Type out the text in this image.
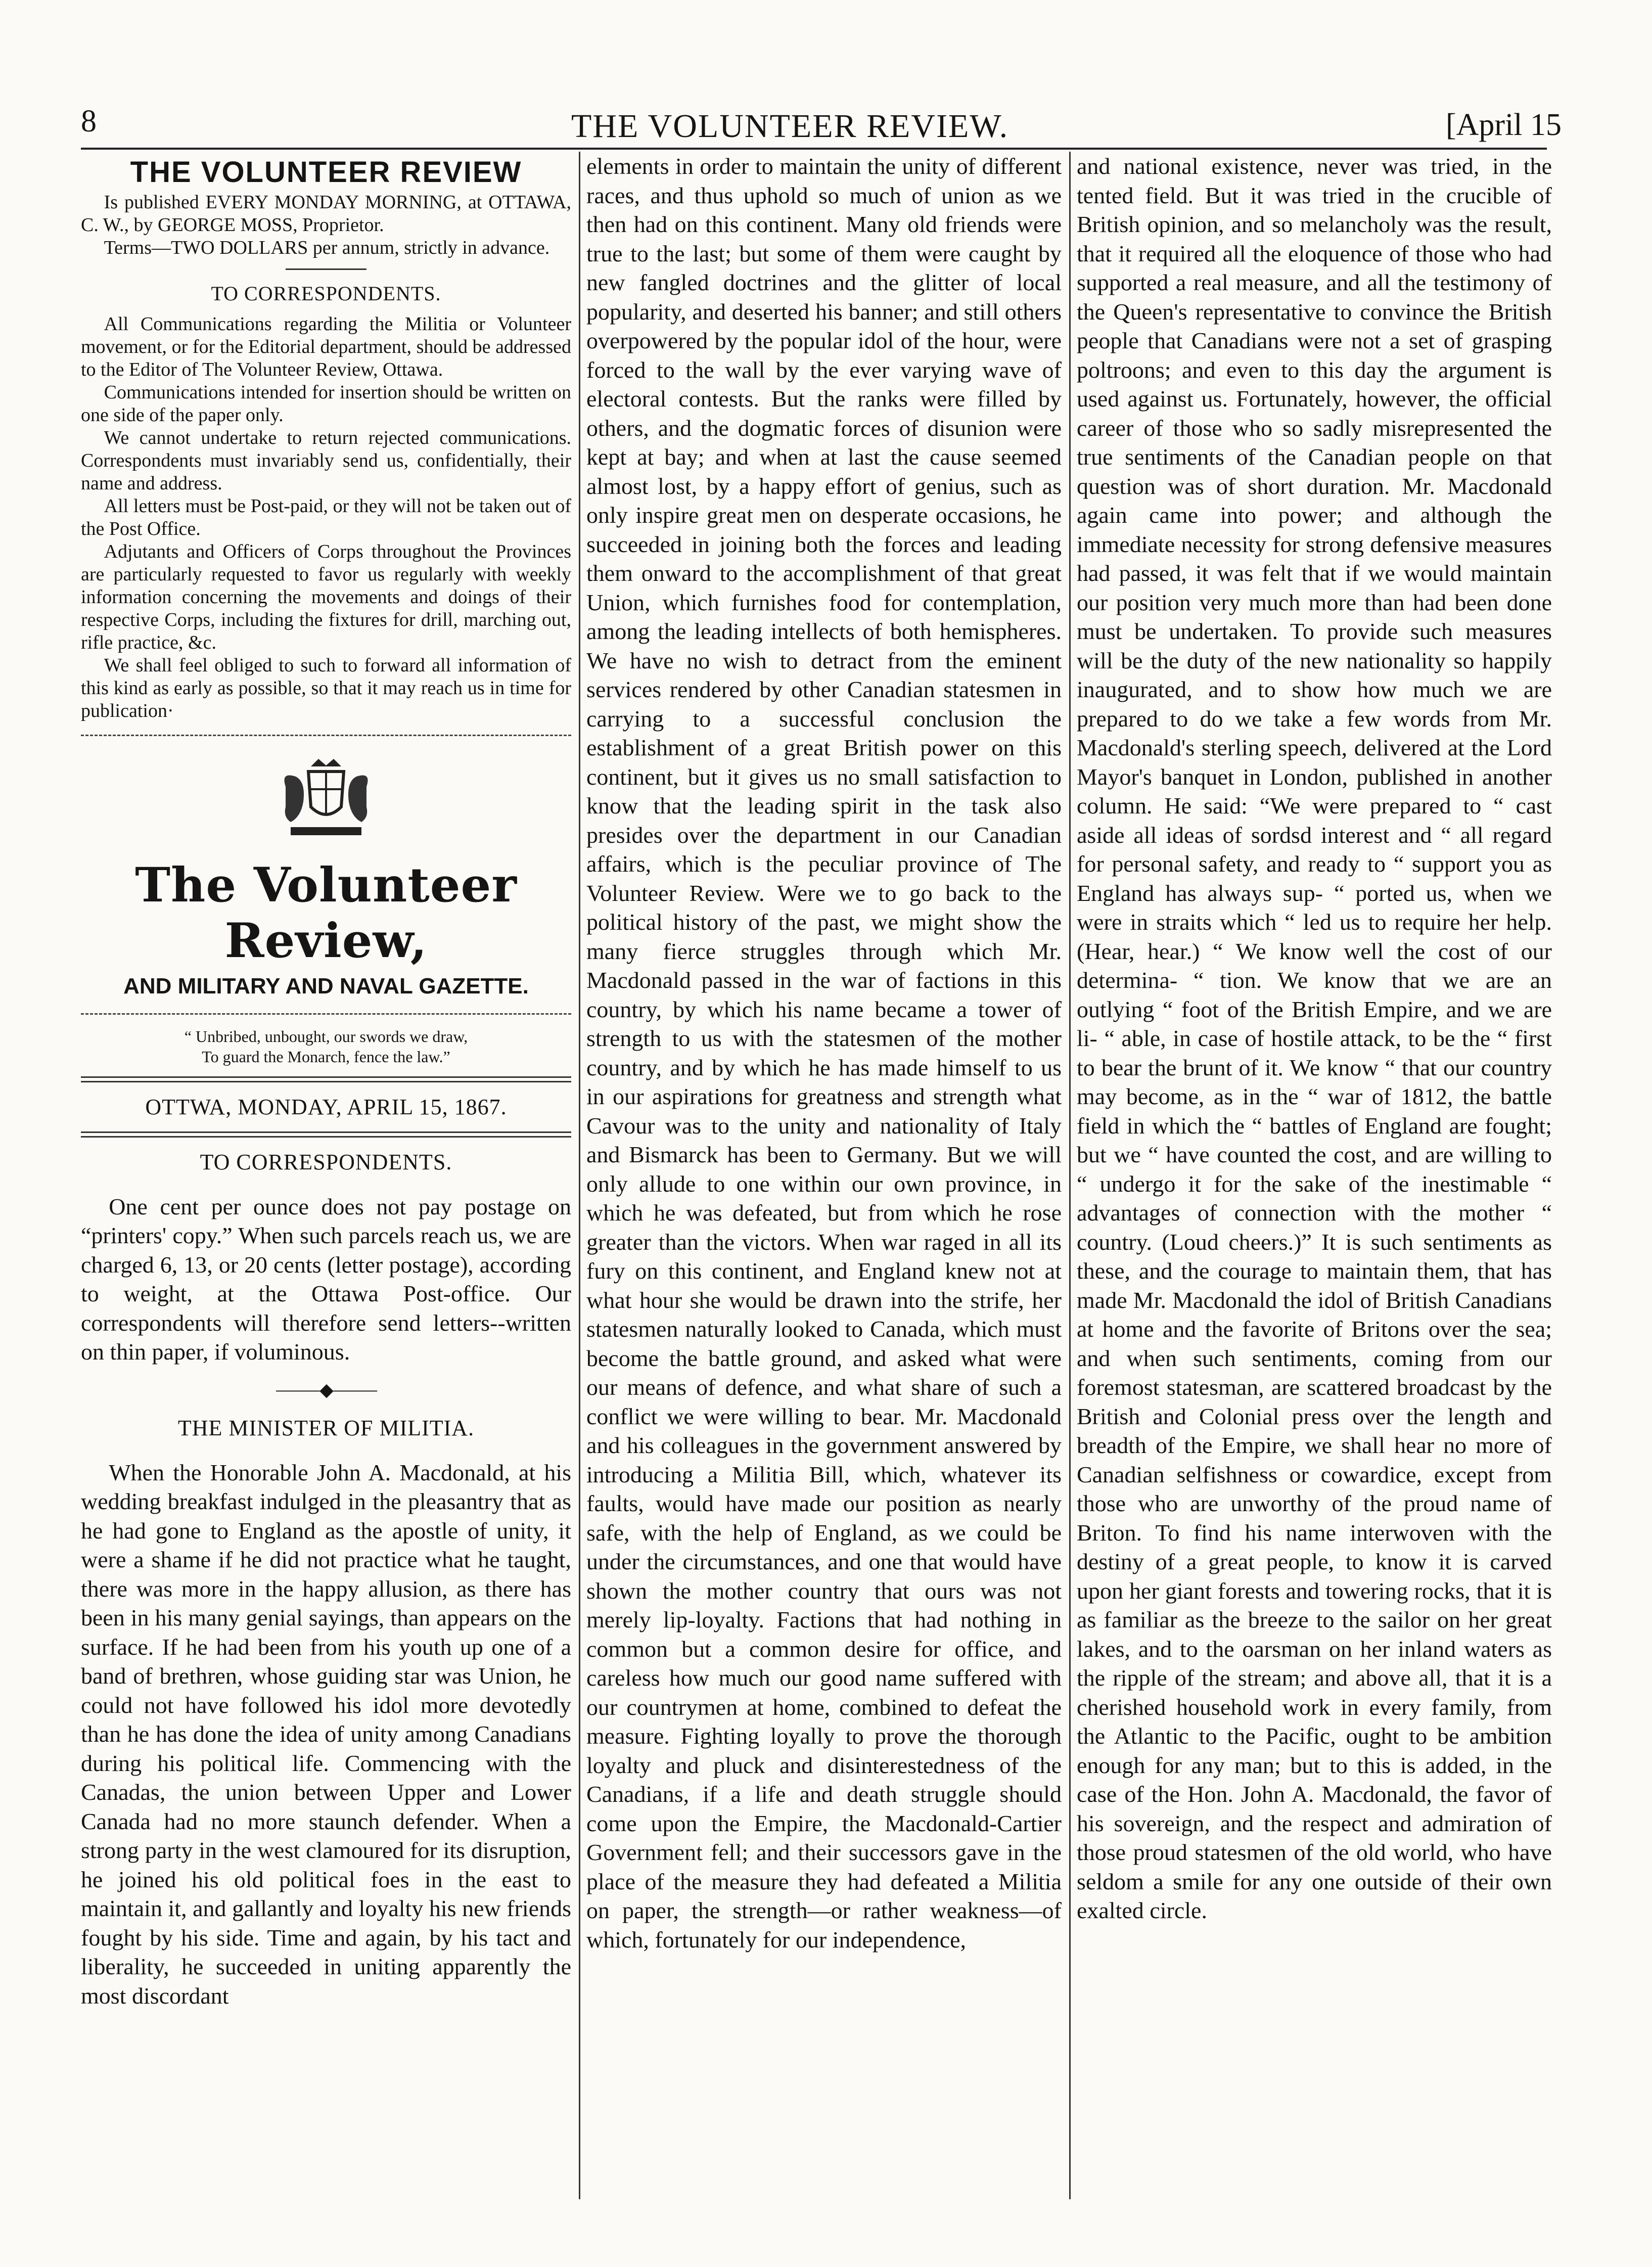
8	THE VOLUNTEER REVIEW.	[April 15
THE VOLUNTEER REVIEW

Is published EVERY MONDAY MORNING, at OTTAWA, C. W., by GEORGE MOSS, Proprietor.

Terms—TWO DOLLARS per annum, strictly in advance.

TO CORRESPONDENTS.

All Communications regarding the Militia or Volunteer movement, or for the Editorial department, should be addressed to the Editor of The Volunteer Review, Ottawa.

Communications intended for insertion should be written on one side of the paper only.

We cannot undertake to return rejected communications. Correspondents must invariably send us, confidentially, their name and address.

All letters must be Post-paid, or they will not be taken out of the Post Office.

Adjutants and Officers of Corps throughout the Provinces are particularly requested to favor us regularly with weekly information concerning the movements and doings of their respective Corps, including the fixtures for drill, marching out, rifle practice, &c.

We shall feel obliged to such to forward all information of this kind as early as possible, so that it may reach us in time for publication·

The Volunteer Review,
AND MILITARY AND NAVAL GAZETTE.
“ Unbribed, unbought, our swords we draw,
To guard the Monarch, fence the law.”
OTTWA, MONDAY, APRIL 15, 1867.
TO CORRESPONDENTS.

One cent per ounce does not pay postage on “printers' copy.” When such parcels reach us, we are charged 6, 13, or 20 cents (letter postage), according to weight, at the Ottawa Post-office. Our correspondents will therefore send letters--written on thin paper, if voluminous.

⸻◆⸻
THE MINISTER OF MILITIA.

When the Honorable John A. Macdonald, at his wedding breakfast indulged in the pleasantry that as he had gone to England as the apostle of unity, it were a shame if he did not practice what he taught, there was more in the happy allusion, as there has been in his many genial sayings, than appears on the surface. If he had been from his youth up one of a band of brethren, whose guiding star was Union, he could not have followed his idol more devotedly than he has done the idea of unity among Canadians during his political life. Commencing with the Canadas, the union between Upper and Lower Canada had no more staunch defender. When a strong party in the west clamoured for its disruption, he joined his old political foes in the east to maintain it, and gallantly and loyalty his new friends fought by his side. Time and again, by his tact and liberality, he succeeded in uniting apparently the most discordant

elements in order to maintain the unity of different races, and thus uphold so much of union as we then had on this continent. Many old friends were true to the last; but some of them were caught by new fangled doctrines and the glitter of local popularity, and deserted his banner; and still others overpowered by the popular idol of the hour, were forced to the wall by the ever varying wave of electoral contests. But the ranks were filled by others, and the dogmatic forces of disunion were kept at bay; and when at last the cause seemed almost lost, by a happy effort of genius, such as only inspire great men on desperate occasions, he succeeded in joining both the forces and leading them onward to the accomplishment of that great Union, which furnishes food for contemplation, among the leading intellects of both hemispheres. We have no wish to detract from the eminent services rendered by other Canadian statesmen in carrying to a successful conclusion the establishment of a great British power on this continent, but it gives us no small satisfaction to know that the leading spirit in the task also presides over the department in our Canadian affairs, which is the peculiar province of The Volunteer Review. Were we to go back to the political history of the past, we might show the many fierce struggles through which Mr. Macdonald passed in the war of factions in this country, by which his name became a tower of strength to us with the statesmen of the mother country, and by which he has made himself to us in our aspirations for greatness and strength what Cavour was to the unity and nationality of Italy and Bismarck has been to Germany. But we will only allude to one within our own province, in which he was defeated, but from which he rose greater than the victors. When war raged in all its fury on this continent, and England knew not at what hour she would be drawn into the strife, her statesmen naturally looked to Canada, which must become the battle ground, and asked what were our means of defence, and what share of such a conflict we were willing to bear. Mr. Macdonald and his colleagues in the government answered by introducing a Militia Bill, which, whatever its faults, would have made our position as nearly safe, with the help of England, as we could be under the circumstances, and one that would have shown the mother country that ours was not merely lip-loyalty. Factions that had nothing in common but a common desire for office, and careless how much our good name suffered with our countrymen at home, combined to defeat the measure. Fighting loyally to prove the thorough loyalty and pluck and disinterestedness of the Canadians, if a life and death struggle should come upon the Empire, the Macdonald-Cartier Government fell; and their successors gave in the place of the measure they had defeated a Militia on paper, the strength—or rather weakness—of which, fortunately for our independence,

and national existence, never was tried, in the tented field. But it was tried in the crucible of British opinion, and so melancholy was the result, that it required all the eloquence of those who had supported a real measure, and all the testimony of the Queen's representative to convince the British people that Canadians were not a set of grasping poltroons; and even to this day the argument is used against us. Fortunately, however, the official career of those who so sadly misrepresented the true sentiments of the Canadian people on that question was of short duration. Mr. Macdonald again came into power; and although the immediate necessity for strong defensive measures had passed, it was felt that if we would maintain our position very much more than had been done must be undertaken. To provide such measures will be the duty of the new nationality so happily inaugurated, and to show how much we are prepared to do we take a few words from Mr. Macdonald's sterling speech, delivered at the Lord Mayor's banquet in London, published in another column. He said: “We were prepared to “ cast aside all ideas of sordsd interest and “ all regard for personal safety, and ready to “ support you as England has always sup- “ ported us, when we were in straits which “ led us to require her help. (Hear, hear.) “ We know well the cost of our determina- “ tion. We know that we are an outlying “ foot of the British Empire, and we are li- “ able, in case of hostile attack, to be the “ first to bear the brunt of it. We know “ that our country may become, as in the “ war of 1812, the battle field in which the “ battles of England are fought; but we “ have counted the cost, and are willing to “ undergo it for the sake of the inestimable “ advantages of connection with the mother “ country. (Loud cheers.)” It is such sentiments as these, and the courage to maintain them, that has made Mr. Macdonald the idol of British Canadians at home and the favorite of Britons over the sea; and when such sentiments, coming from our foremost statesman, are scattered broadcast by the British and Colonial press over the length and breadth of the Empire, we shall hear no more of Canadian selfishness or cowardice, except from those who are unworthy of the proud name of Briton. To find his name interwoven with the destiny of a great people, to know it is carved upon her giant forests and towering rocks, that it is as familiar as the breeze to the sailor on her great lakes, and to the oarsman on her inland waters as the ripple of the stream; and above all, that it is a cherished household work in every family, from the Atlantic to the Pacific, ought to be ambition enough for any man; but to this is added, in the case of the Hon. John A. Macdonald, the favor of his sovereign, and the respect and admiration of those proud statesmen of the old world, who have seldom a smile for any one outside of their own exalted circle.
